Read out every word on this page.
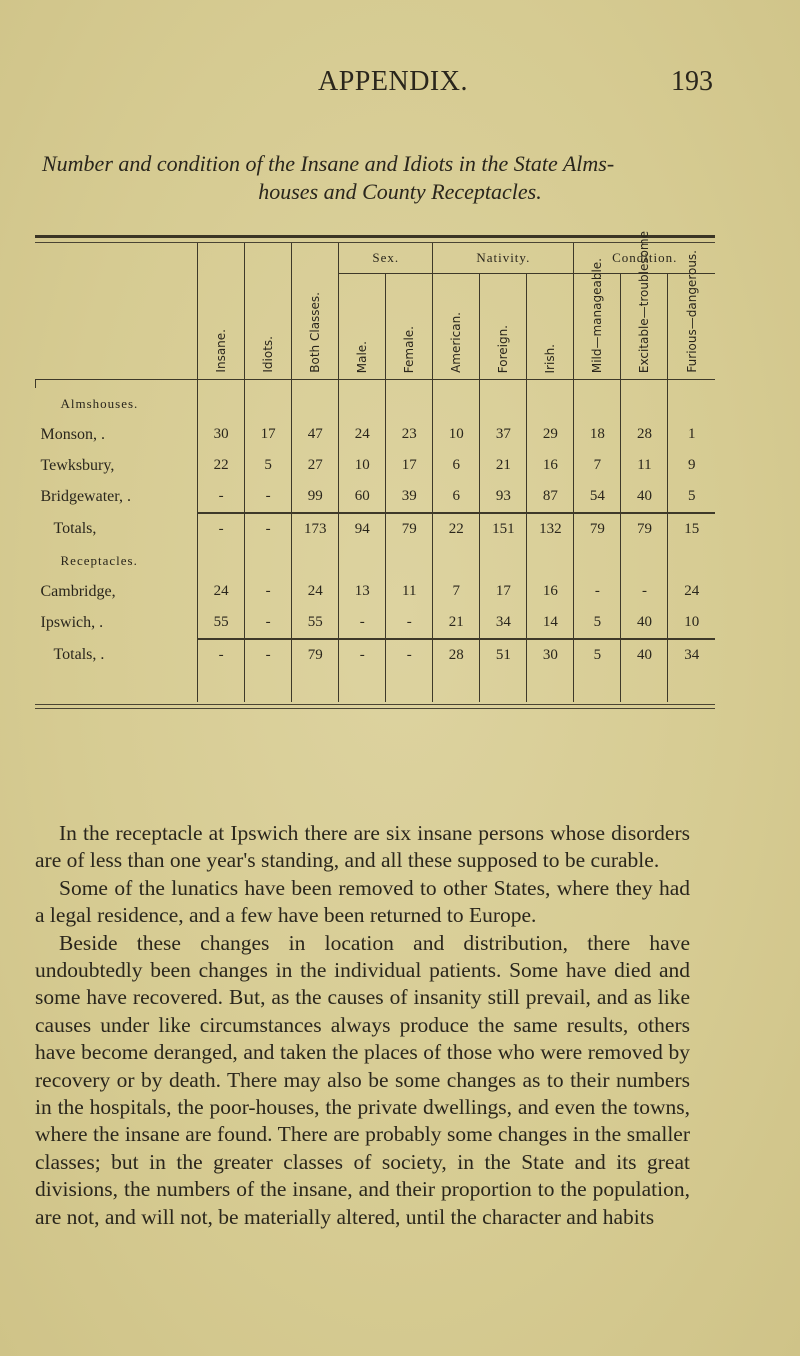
APPENDIX.	193
Number and condition of the Insane and Idiots in the State Alms-
houses and County Receptacles.
				Sex.		Nativity.			Condition.		

	Insane.	Idiots.	Both Classes.	Male.	Female.	American.	Foreign.	Irish.	Mild—manageable.	Excitable—troublesome	Furious—dangerous.

Almshouses.											
Monson, .	30	17	47	24	23	10	37	29	18	28	1
Tewksbury,	22	5	27	10	17	6	21	16	7	11	9
Bridgewater, .	-	-	99	60	39	6	93	87	54	40	5
Totals,	-	-	173	94	79	22	151	132	79	79	15
Receptacles.											
Cambridge,	24	-	24	13	11	7	17	16	-	-	24
Ipswich, .	55	-	55	-	-	21	34	14	5	40	10
Totals, .	-	-	79	-	-	28	51	30	5	40	34

In the receptacle at Ipswich there are six insane persons whose disorders are of less than one year's standing, and all these supposed to be curable.

Some of the lunatics have been removed to other States, where they had a legal residence, and a few have been returned to Europe.

Beside these changes in location and distribution, there have undoubtedly been changes in the individual patients. Some have died and some have recovered. But, as the causes of insanity still prevail, and as like causes under like circumstances always produce the same results, others have become deranged, and taken the places of those who were removed by recovery or by death. There may also be some changes as to their numbers in the hospitals, the poor-houses, the private dwellings, and even the towns, where the insane are found. There are probably some changes in the smaller classes; but in the greater classes of society, in the State and its great divisions, the numbers of the insane, and their proportion to the population, are not, and will not, be materially altered, until the character and habits
